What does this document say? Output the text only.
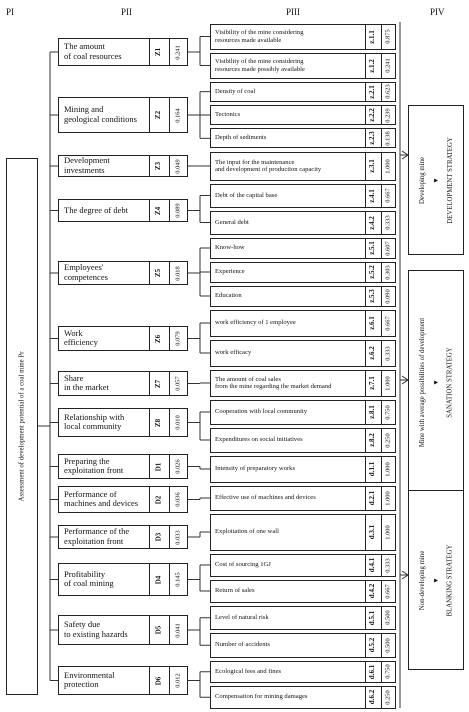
Assessment of development potential of a coal mine Pr
The amount
of coal resources	Z1 0.241
Visibility of the mine considering
resources made available	z.1.1 0.875
Visibility of the mine considering
resources made possibly available	z.1.2 0.241
Mining and
geological conditions Z2 0.164
Density of coal	z.2.1 0.623
Tectonics	z.2.2 0.239
Depth of sediments	z.2.3 0.138
Development
investments	Z3 0.049	The input for the maintenance
and development of production capacity	z.3.1 1.000
The degree of debt	Z4 0.089
Debt of the capital base	z.4.1 0.667
General debt	z.4.2 0.333
Employees'
competences	Z5 0.018
Know-how	z.5.1 0.607
Experience	z.5.2 0.303
Education	z.5.3 0.090
Work
efficiency	Z6 0.079
work efficiency of 1 employee	z.6.1 0.667
work efficacy	z.6.2 0.333
Share
in the market	Z7 0.057	The amount of coal sales
from the mine regarding the market demand	z.7.1 1.000
Relationship with
local community	Z8 0.010
Cooperation with local community	z.8.1 0.750
Expenditures on social initiatives	z.8.2 0.250
Preparing the
exploitation front	D1 0.026	Intensity of preparatory works	d.1.1 1.000
Performance of
machines and devices D2 0.036	Effective use of machines and devices	d.2.1 1.000
Performance of the
exploitation front	D3 0.033	Exploitation of one wall	d.3.1 1.000
Profitability
of coal mining	D4 0.145
Cost of sourcing 1GJ	d.4.1 0.333
Return of sales	d.4.2 0.667
Safety due
to existing hazards	D5 0.041
Level of natural risk	d.5.1 0.500
Number of accidents	d.5.2 0.500
Environmental
protection	D6 0.012
Ecological fees and fines	d.6.1 0.750
Compensation for mining damages	d.6.2 0.250
Developing mine ▼ DEVELOPMENT STRATEGY
Mine with average possibilities of development ▼ SANATION STRATEGY
Non-developing mine ▼ BLANKING STRATEGY
PI	PII	PIII	PIV
